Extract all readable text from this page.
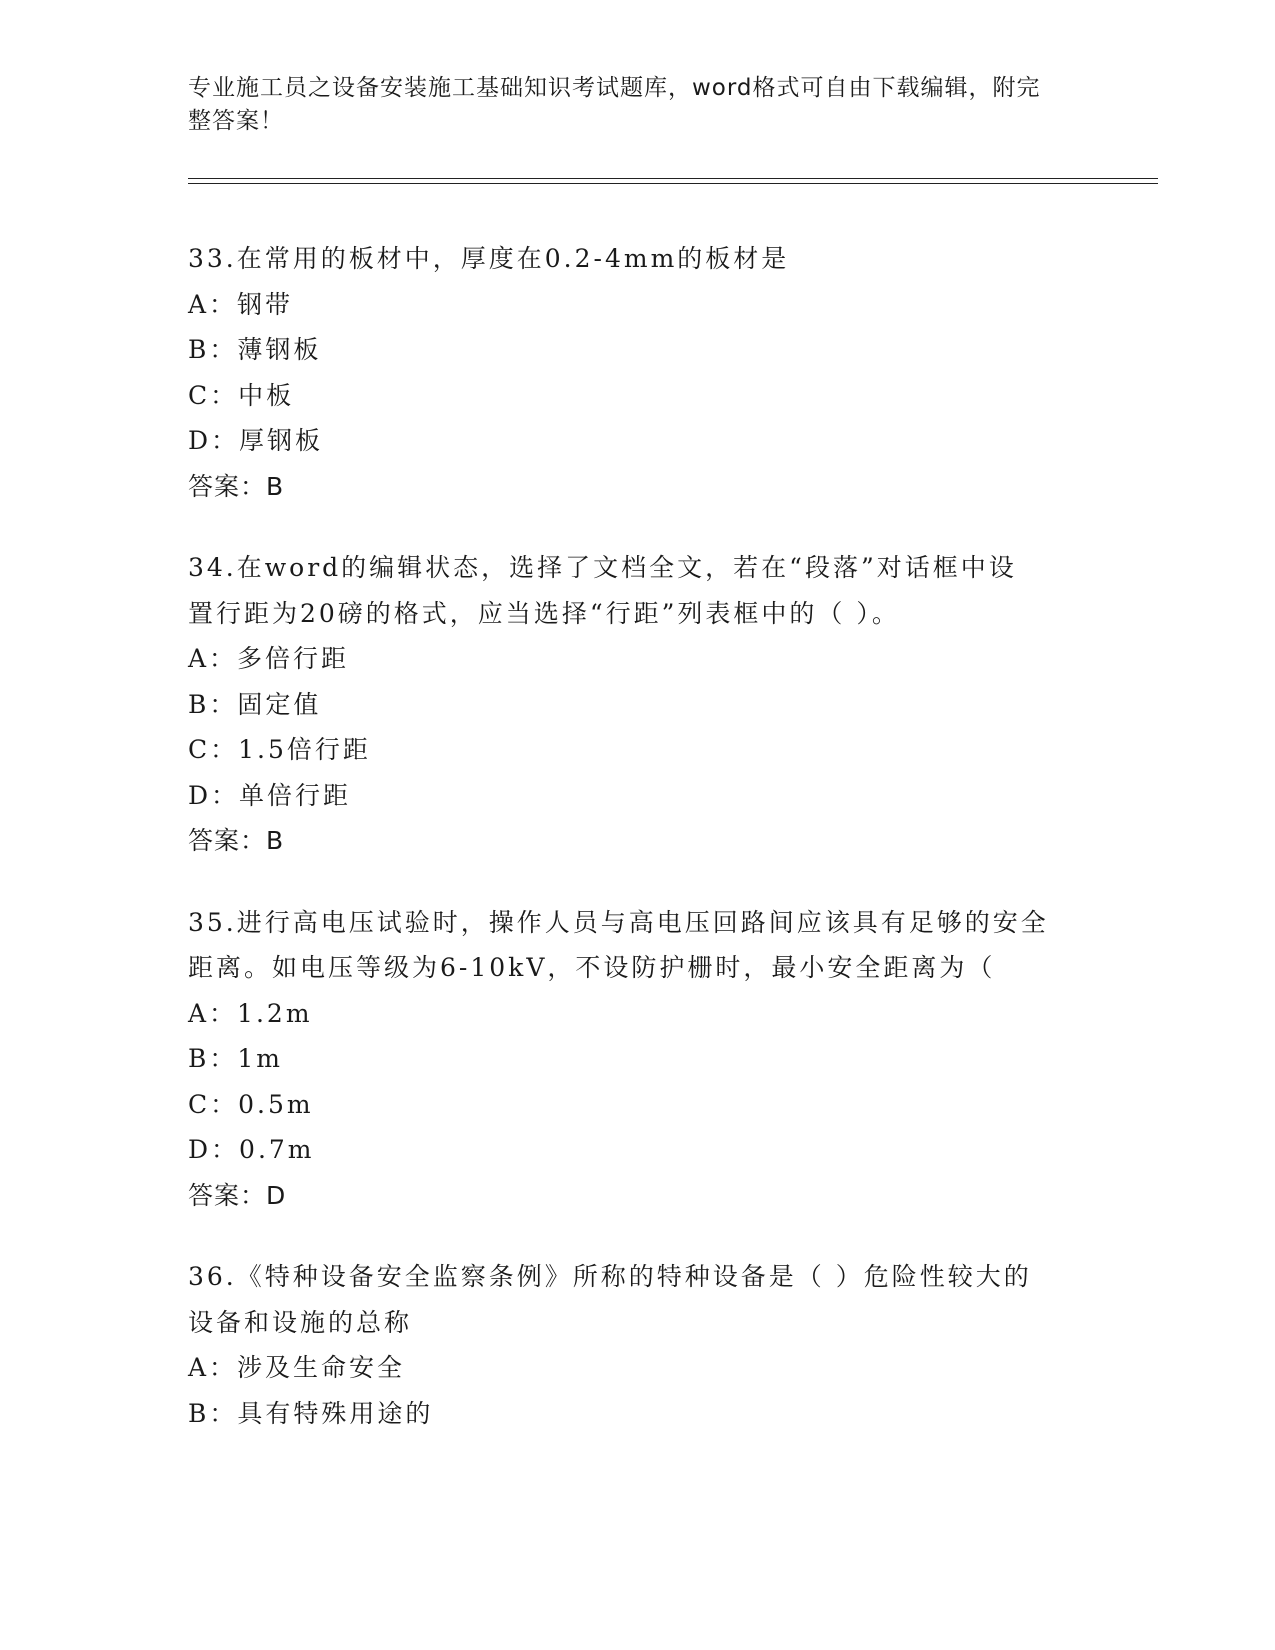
专业施工员之设备安装施工基础知识考试题库，word格式可自由下载编辑，附完
整答案！
33.在常用的板材中，厚度在0.2-4mm的板材是
A：钢带
B：薄钢板
C：中板
D：厚钢板
答案：B
34.在word的编辑状态，选择了文档全文，若在“段落”对话框中设
置行距为20磅的格式，应当选择“行距”列表框中的（ ）。
A：多倍行距
B：固定值
C：1.5倍行距
D：单倍行距
答案：B
35.进行高电压试验时，操作人员与高电压回路间应该具有足够的安全
距离。如电压等级为6-10kV，不设防护栅时，最小安全距离为（
A：1.2m
B：1m
C：0.5m
D：0.7m
答案：D
36.《特种设备安全监察条例》所称的特种设备是（ ）危险性较大的
设备和设施的总称
A：涉及生命安全
B：具有特殊用途的
